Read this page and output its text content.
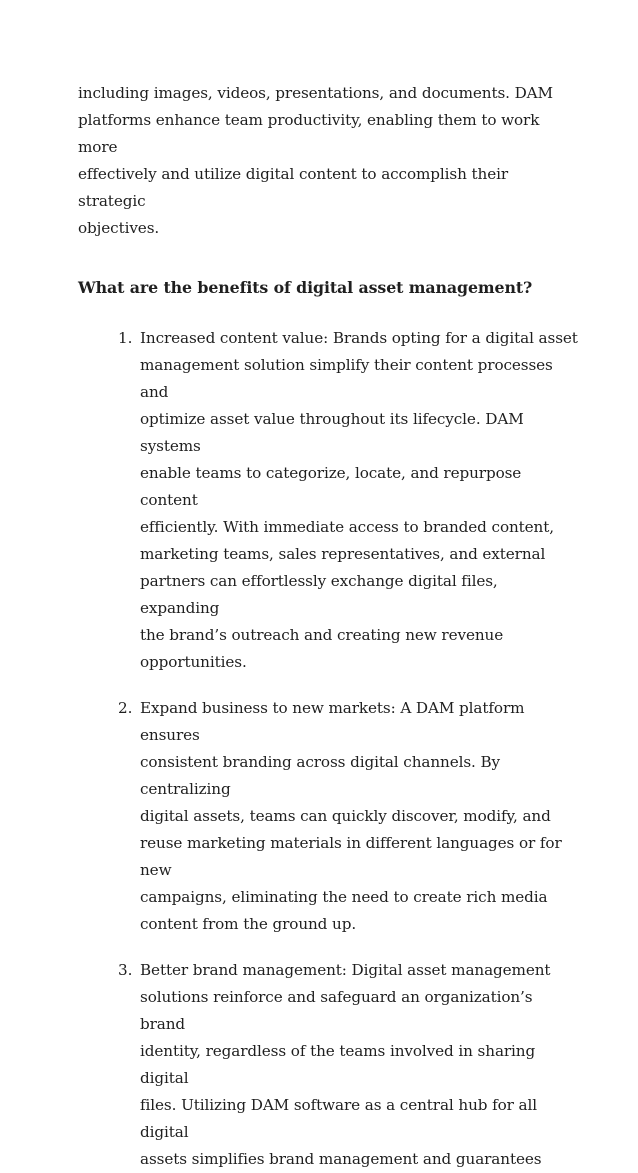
including images, videos, presentations, and documents. DAM
platforms enhance team productivity, enabling them to work more
effectively and utilize digital content to accomplish their strategic
objectives.

What are the benefits of digital asset management?
1. Increased content value: Brands opting for a digital asset
management solution simplify their content processes and
optimize asset value throughout its lifecycle. DAM systems
enable teams to categorize, locate, and repurpose content
efficiently. With immediate access to branded content,
marketing teams, sales representatives, and external
partners can effortlessly exchange digital files, expanding
the brand’s outreach and creating new revenue
opportunities.
2. Expand business to new markets: A DAM platform ensures
consistent branding across digital channels. By centralizing
digital assets, teams can quickly discover, modify, and
reuse marketing materials in different languages or for new
campaigns, eliminating the need to create rich media
content from the ground up.
3. Better brand management: Digital asset management
solutions reinforce and safeguard an organization’s brand
identity, regardless of the teams involved in sharing digital
files. Utilizing DAM software as a central hub for all digital
assets simplifies brand management and guarantees
